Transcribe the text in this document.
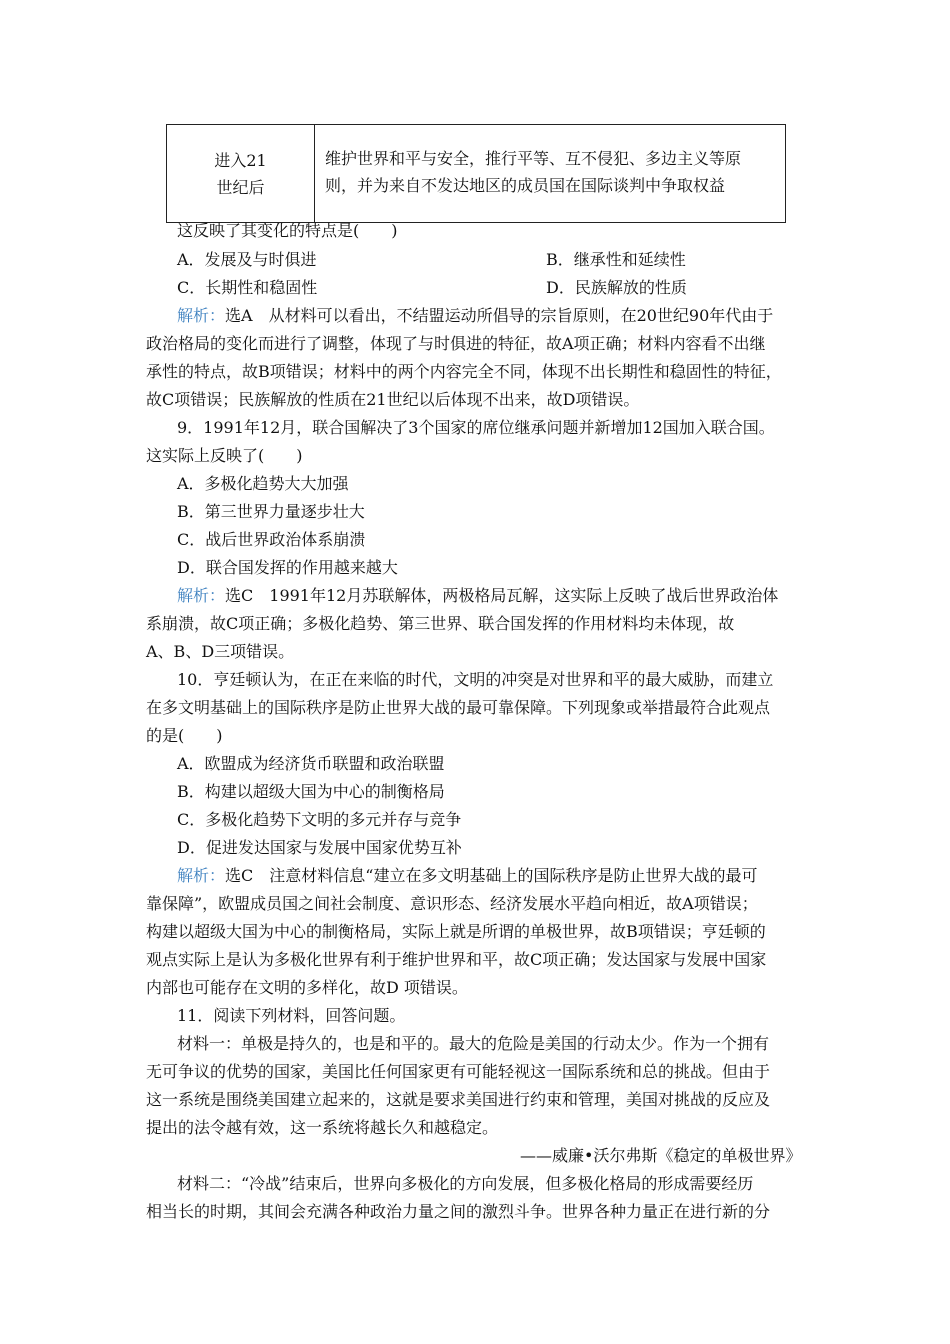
进入21
世纪后

维护世界和平与安全，推行平等、互不侵犯、多边主义等原
则，并为来自不发达地区的成员国在国际谈判中争取权益
这反映了其变化的特点是(　　)
A．发展及与时俱进	B．继承性和延续性
C．长期性和稳固性	D．民族解放的性质
解析：选A　从材料可以看出，不结盟运动所倡导的宗旨原则，在20世纪90年代由于
政治格局的变化而进行了调整，体现了与时俱进的特征，故A项正确；材料内容看不出继
承性的特点，故B项错误；材料中的两个内容完全不同，体现不出长期性和稳固性的特征，
故C项错误；民族解放的性质在21世纪以后体现不出来，故D项错误。
9．1991年12月，联合国解决了3个国家的席位继承问题并新增加12国加入联合国。
这实际上反映了(　　)
A．多极化趋势大大加强
B．第三世界力量逐步壮大
C．战后世界政治体系崩溃
D．联合国发挥的作用越来越大
解析：选C　1991年12月苏联解体，两极格局瓦解，这实际上反映了战后世界政治体
系崩溃，故C项正确；多极化趋势、第三世界、联合国发挥的作用材料均未体现，故
A、B、D三项错误。
10．亨廷顿认为，在正在来临的时代，文明的冲突是对世界和平的最大威胁，而建立
在多文明基础上的国际秩序是防止世界大战的最可靠保障。下列现象或举措最符合此观点
的是(　　)
A．欧盟成为经济货币联盟和政治联盟
B．构建以超级大国为中心的制衡格局
C．多极化趋势下文明的多元并存与竞争
D．促进发达国家与发展中国家优势互补
解析：选C　注意材料信息“建立在多文明基础上的国际秩序是防止世界大战的最可
靠保障”，欧盟成员国之间社会制度、意识形态、经济发展水平趋向相近，故A项错误；
构建以超级大国为中心的制衡格局，实际上就是所谓的单极世界，故B项错误；亨廷顿的
观点实际上是认为多极化世界有利于维护世界和平，故C项正确；发达国家与发展中国家
内部也可能存在文明的多样化，故D 项错误。
11．阅读下列材料，回答问题。
材料一：单极是持久的，也是和平的。最大的危险是美国的行动太少。作为一个拥有
无可争议的优势的国家，美国比任何国家更有可能轻视这一国际系统和总的挑战。但由于
这一系统是围绕美国建立起来的，这就是要求美国进行约束和管理，美国对挑战的反应及
提出的法令越有效，这一系统将越长久和越稳定。
——威廉•沃尔弗斯《稳定的单极世界》
材料二：“冷战”结束后，世界向多极化的方向发展，但多极化格局的形成需要经历
相当长的时期，其间会充满各种政治力量之间的激烈斗争。世界各种力量正在进行新的分
